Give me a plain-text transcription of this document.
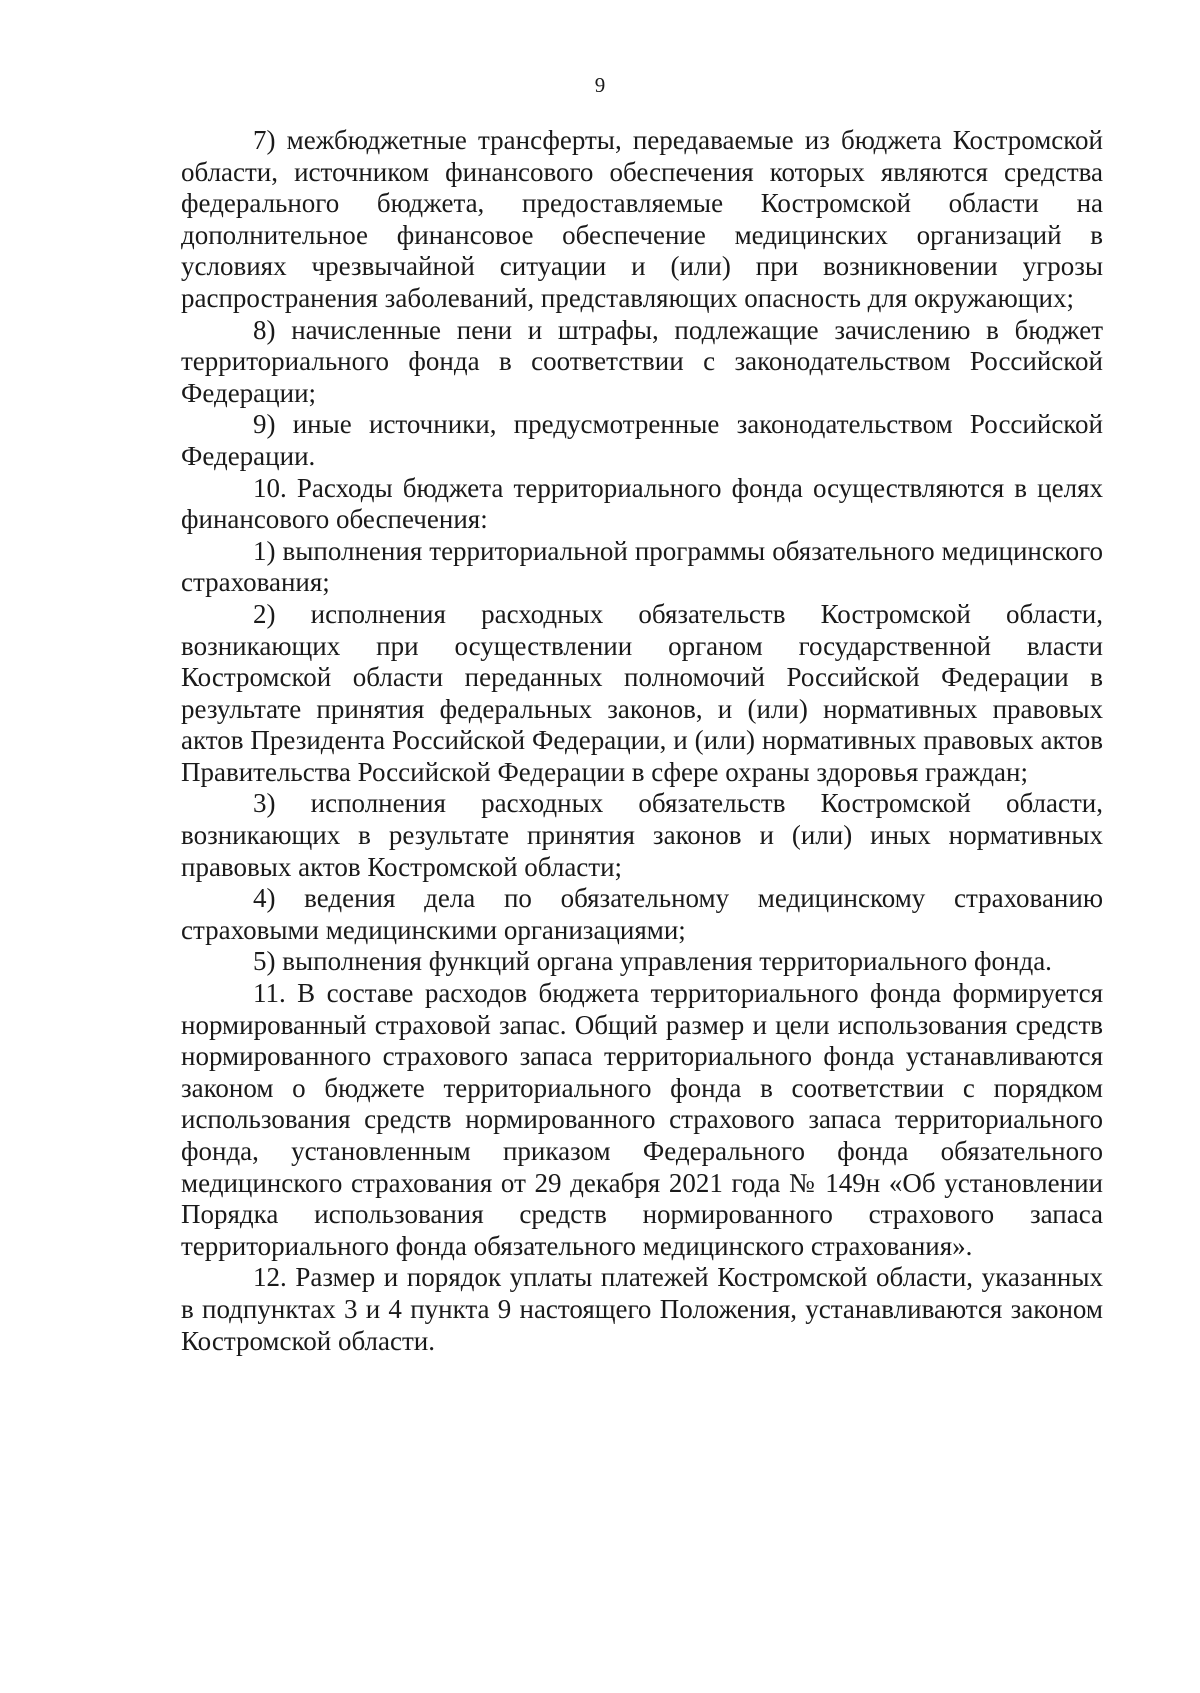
9

7) межбюджетные трансферты, передаваемые из бюджета Костромской области, источником финансового обеспечения которых являются средства федерального бюджета, предоставляемые Костромской области на дополнительное финансовое обеспечение медицинских организаций в условиях чрезвычайной ситуации и (или) при возникновении угрозы распространения заболеваний, представляющих опасность для окружающих;

8) начисленные пени и штрафы, подлежащие зачислению в бюджет территориального фонда в соответствии с законодательством Российской Федерации;

9) иные источники, предусмотренные законодательством Российской Федерации.

10. Расходы бюджета территориального фонда осуществляются в целях финансового обеспечения:

1) выполнения территориальной программы обязательного медицинского страхования;

2) исполнения расходных обязательств Костромской области, возникающих при осуществлении органом государственной власти Костромской области переданных полномочий Российской Федерации в результате принятия федеральных законов, и (или) нормативных правовых актов Президента Российской Федерации, и (или) нормативных правовых актов Правительства Российской Федерации в сфере охраны здоровья граждан;

3) исполнения расходных обязательств Костромской области, возникающих в результате принятия законов и (или) иных нормативных правовых актов Костромской области;

4) ведения дела по обязательному медицинскому страхованию страховыми медицинскими организациями;

5) выполнения функций органа управления территориального фонда.

11. В составе расходов бюджета территориального фонда формируется нормированный страховой запас. Общий размер и цели использования средств нормированного страхового запаса территориального фонда устанавливаются законом о бюджете территориального фонда в соответствии с порядком использования средств нормированного страхового запаса территориального фонда, установленным приказом Федерального фонда обязательного медицинского страхования от 29 декабря 2021 года № 149н «Об установлении Порядка использования средств нормированного страхового запаса территориального фонда обязательного медицинского страхования».

12. Размер и порядок уплаты платежей Костромской области, указанных в подпунктах 3 и 4 пункта 9 настоящего Положения, устанавливаются законом Костромской области.
